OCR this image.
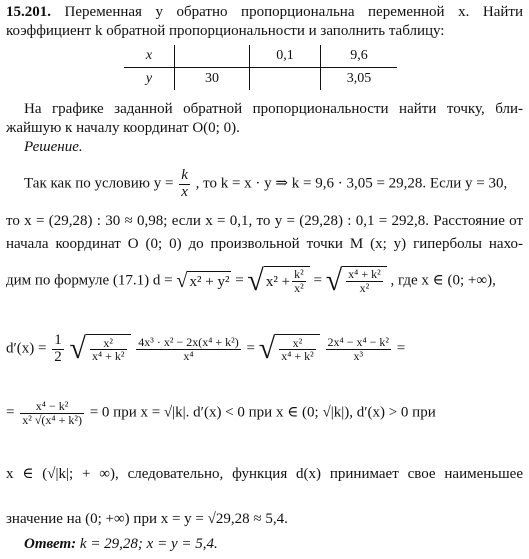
15.201. Переменная y обратно пропорциональна переменной x. Найти
коэффициент k обратной пропорциональности и заполнить таблицу:
x		0,1	9,6
y	30		3,05
На графике заданной обратной пропорциональности найти точку, бли-
жайшую к началу координат O(0; 0).
Решение.
Так как по условию $y = \frac{k}{x}$ , то k = x · y ⇒ k = 9,6 · 3,05 = 29,28. Если y = 30,
то x = (29,28) : 30 ≈ 0,98; если x = 0,1, то y = (29,28) : 0,1 = 292,8. Расстояние от
начала координат O (0; 0) до произвольной точки M (x; y) гиперболы нахо-
дим по формуле (17.1) d = √ x² + y² = √ $x^2 + \frac{\text{k²}}{\text{x²}}$ = √ $\frac{\text{x⁴ + k²}}{\text{x²}}$ , где x ∈ (0; +∞),
$d'(x) = \frac{1}{2}$
√ $\frac{\text{x²}}{\text{x⁴ + k²}}$
$\frac{\text{4x³ · x² − 2x(x⁴ + k²)}}{\text{x⁴}}$ = √ $\frac{\text{x²}}{\text{x⁴ + k²}}$
$\frac{\text{2x⁴ − x⁴ − k²}}{\text{x³}}$ =
= $\frac{\text{x⁴ − k²}}{\text{x² √(x⁴ + k²)}} = 0$ при x = √|k|. d′(x) < 0 при x ∈ (0; √|k|), d′(x) > 0 при
x ∈ (√|k|; + ∞), следовательно, функция d(x) принимает свое наименьшее
значение на (0; +∞) при x = y = √29,28 ≈ 5,4.
Ответ: k = 29,28; x = y = 5,4.
